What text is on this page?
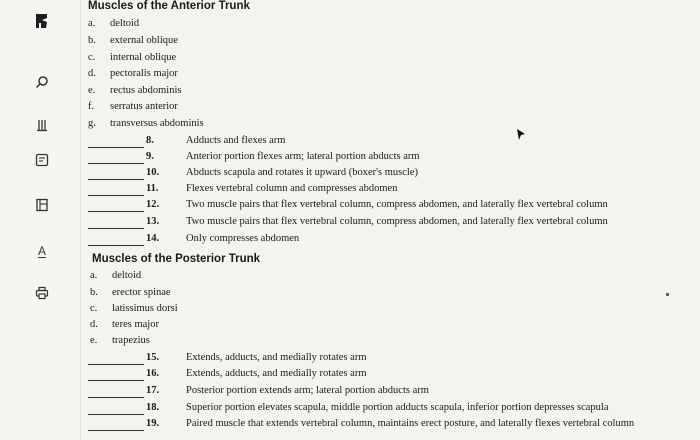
A
Muscles of the Anterior Trunk
a. deltoid
b. external oblique
c. internal oblique
d. pectoralis major
e. rectus abdominis
f. serratus anterior
g. transversus abdominis
8.	Adducts and flexes arm
9.	Anterior portion flexes arm; lateral portion abducts arm
10.	Abducts scapula and rotates it upward (boxer's muscle)
11.	Flexes vertebral column and compresses abdomen
12.	Two muscle pairs that flex vertebral column, compress abdomen, and laterally flex vertebral column
13.	Two muscle pairs that flex vertebral column, compress abdomen, and laterally flex vertebral column
14.	Only compresses abdomen
Muscles of the Posterior Trunk
a. deltoid
b. erector spinae
c. latissimus dorsi
d. teres major
e. trapezius
15.	Extends, adducts, and medially rotates arm
16.	Extends, adducts, and medially rotates arm
17.	Posterior portion extends arm; lateral portion abducts arm
18.	Superior portion elevates scapula, middle portion adducts scapula, inferior portion depresses scapula
19.	Paired muscle that extends vertebral column, maintains erect posture, and laterally flexes vertebral column
